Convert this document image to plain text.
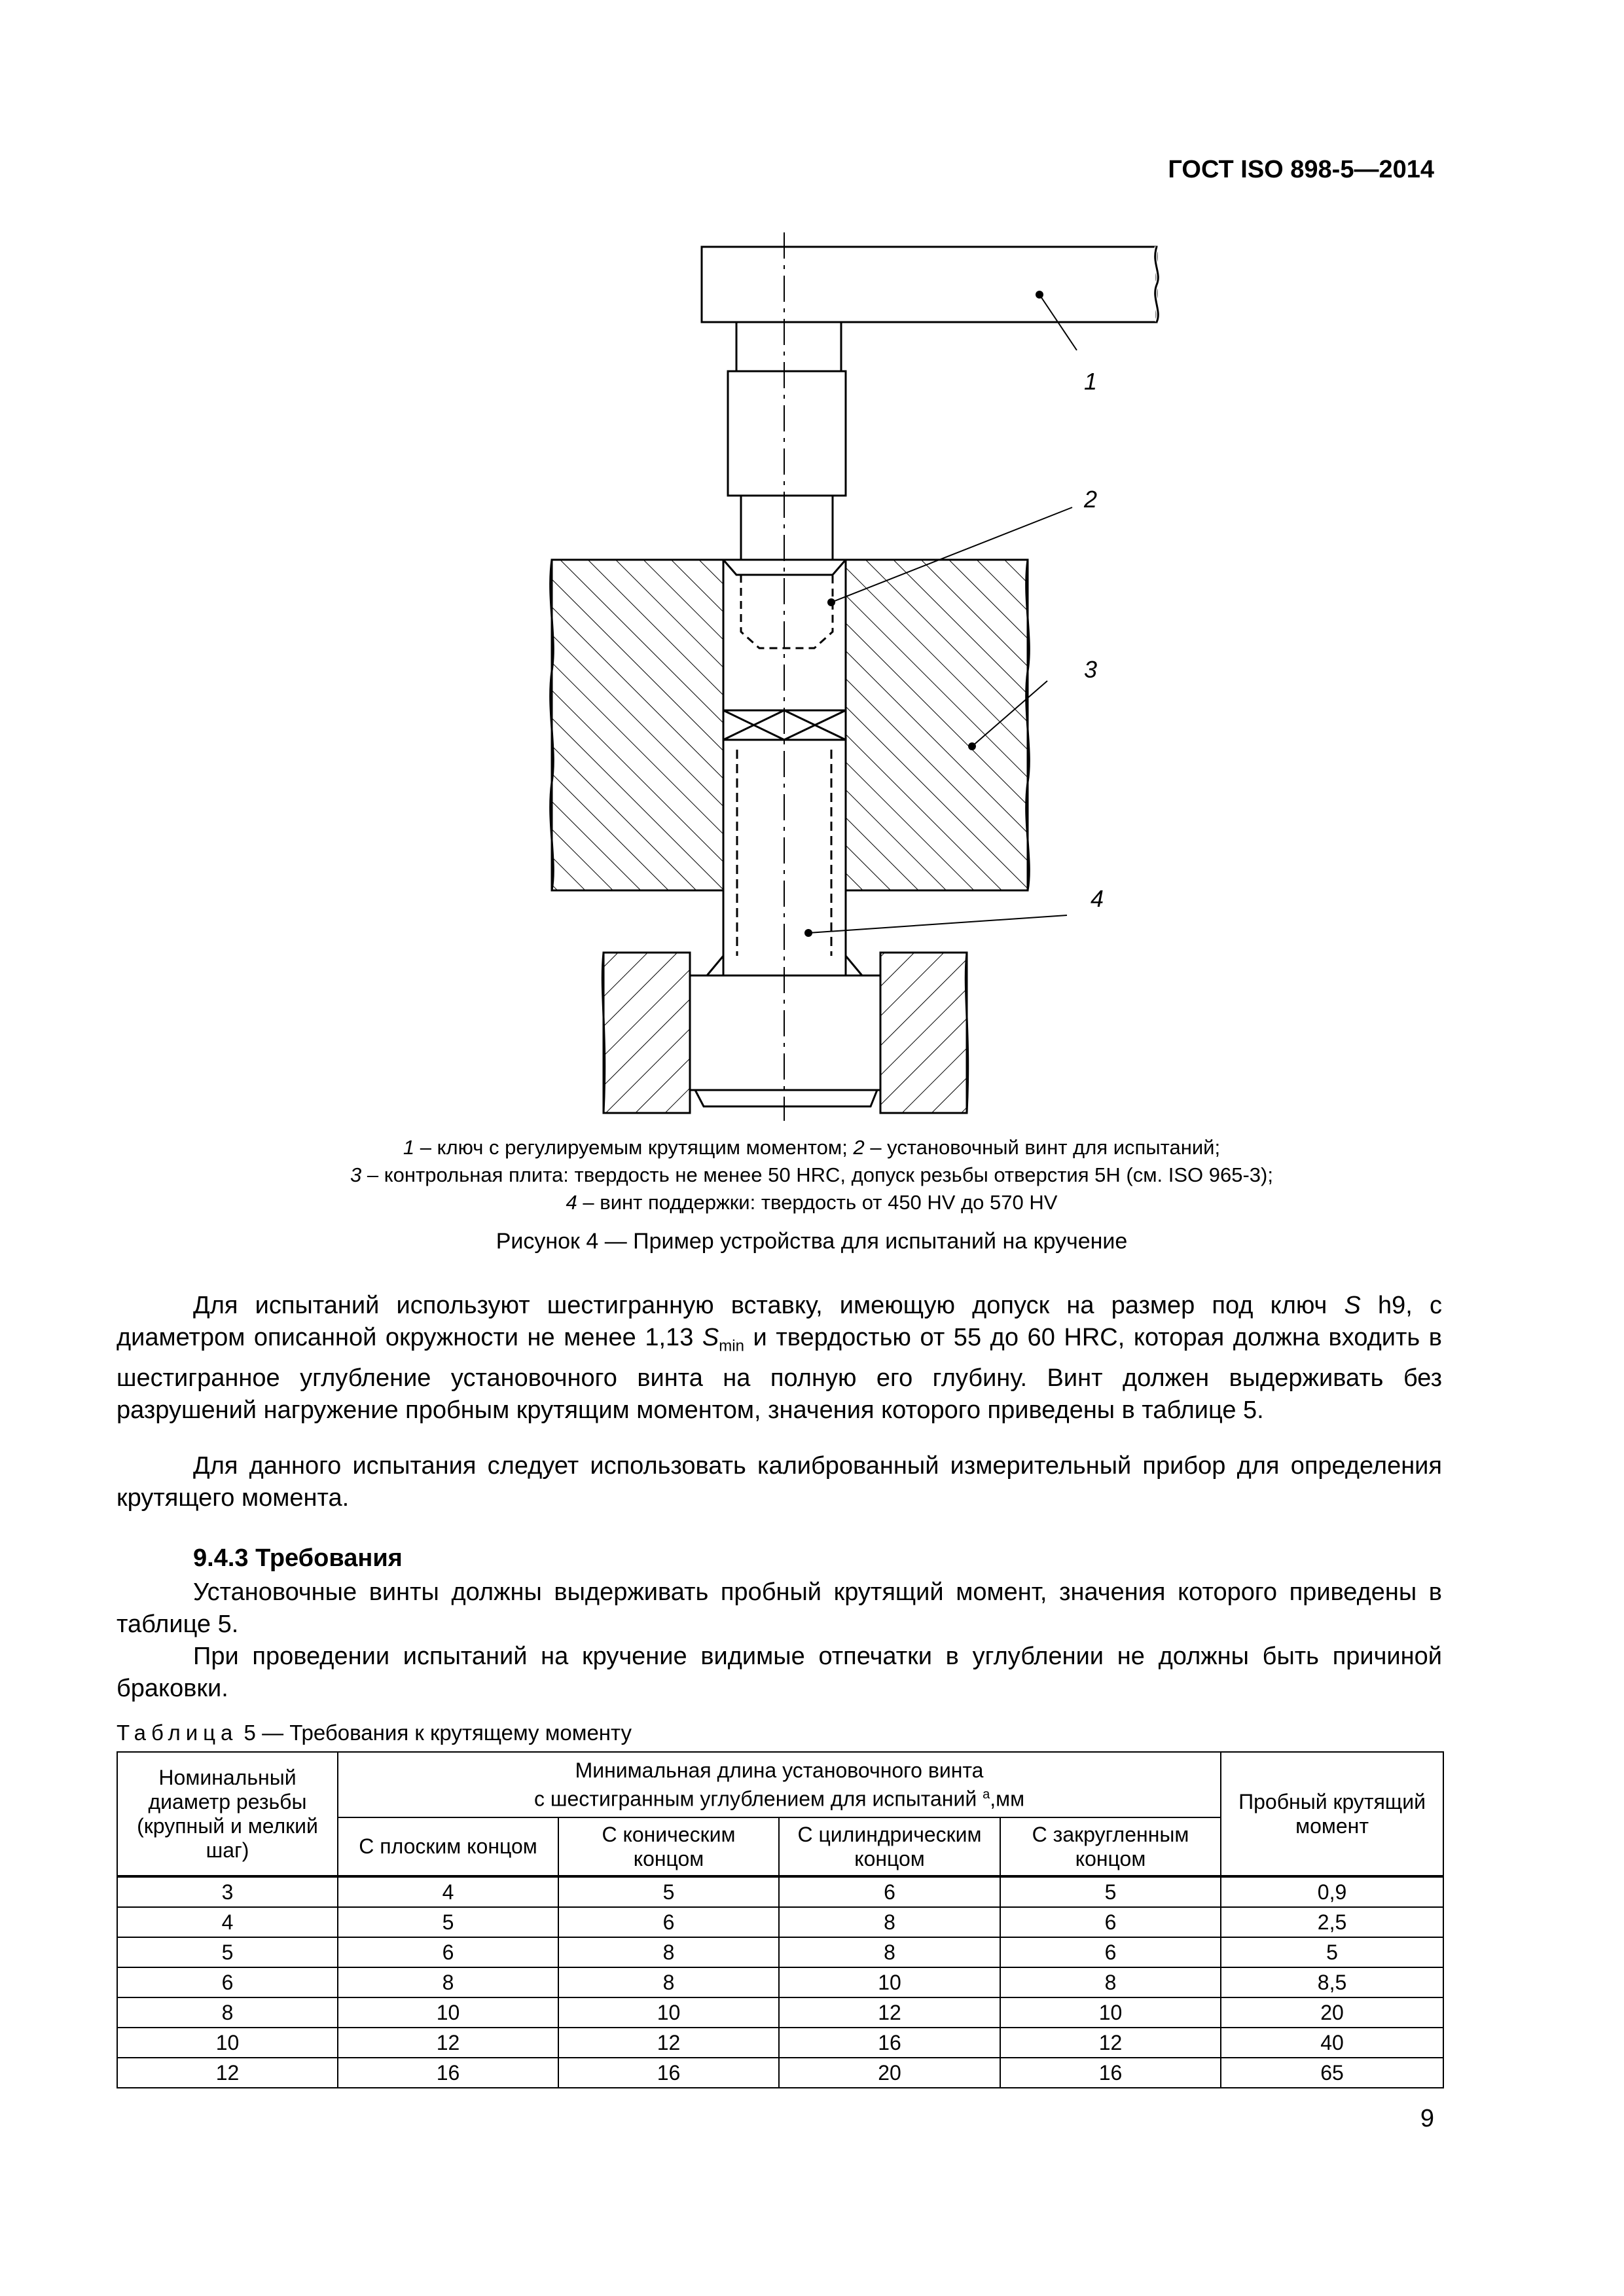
ГОСТ ISO 898-5—2014
1
2
3
4
1 – ключ с регулируемым крутящим моментом; 2 – установочный винт для испытаний;
3 – контрольная плита: твердость не менее 50 HRC, допуск резьбы отверстия 5H (см. ISO 965-3);
4 – винт поддержки: твердость от 450 HV до 570 HV
Рисунок 4 — Пример устройства для испытаний на кручение
Для испытаний используют шестигранную вставку, имеющую допуск на размер под ключ S h9, с диаметром описанной окружности не менее 1,13 $S_{min}$ и твердостью от 55 до 60 HRC, которая должна входить в шестигранное углубление установочного винта на полную его глубину. Винт должен выдерживать без разрушений нагружение пробным крутящим моментом, значения которого приведены в таблице 5.
Для данного испытания следует использовать калиброванный измерительный прибор для определения крутящего момента.
9.4.3 Требования
Установочные винты должны выдерживать пробный крутящий момент, значения которого приведены в таблице 5.
При проведении испытаний на кручение видимые отпечатки в углублении не должны быть причиной браковки.
Таблица 5 — Требования к крутящему моменту
Номинальный диаметр резьбы (крупный и мелкий шаг)	Минимальная длина установочного винта
с шестигранным углублением для испытаний $^a$,мм				Пробный крутящий момент
	С плоским концом	С коническим концом	С цилиндрическим концом	С закругленным концом	
3	4	5	6	5	0,9
4	5	6	8	6	2,5
5	6	8	8	6	5
6	8	8	10	8	8,5
8	10	10	12	10	20
10	12	12	16	12	40
12	16	16	20	16	65
9
